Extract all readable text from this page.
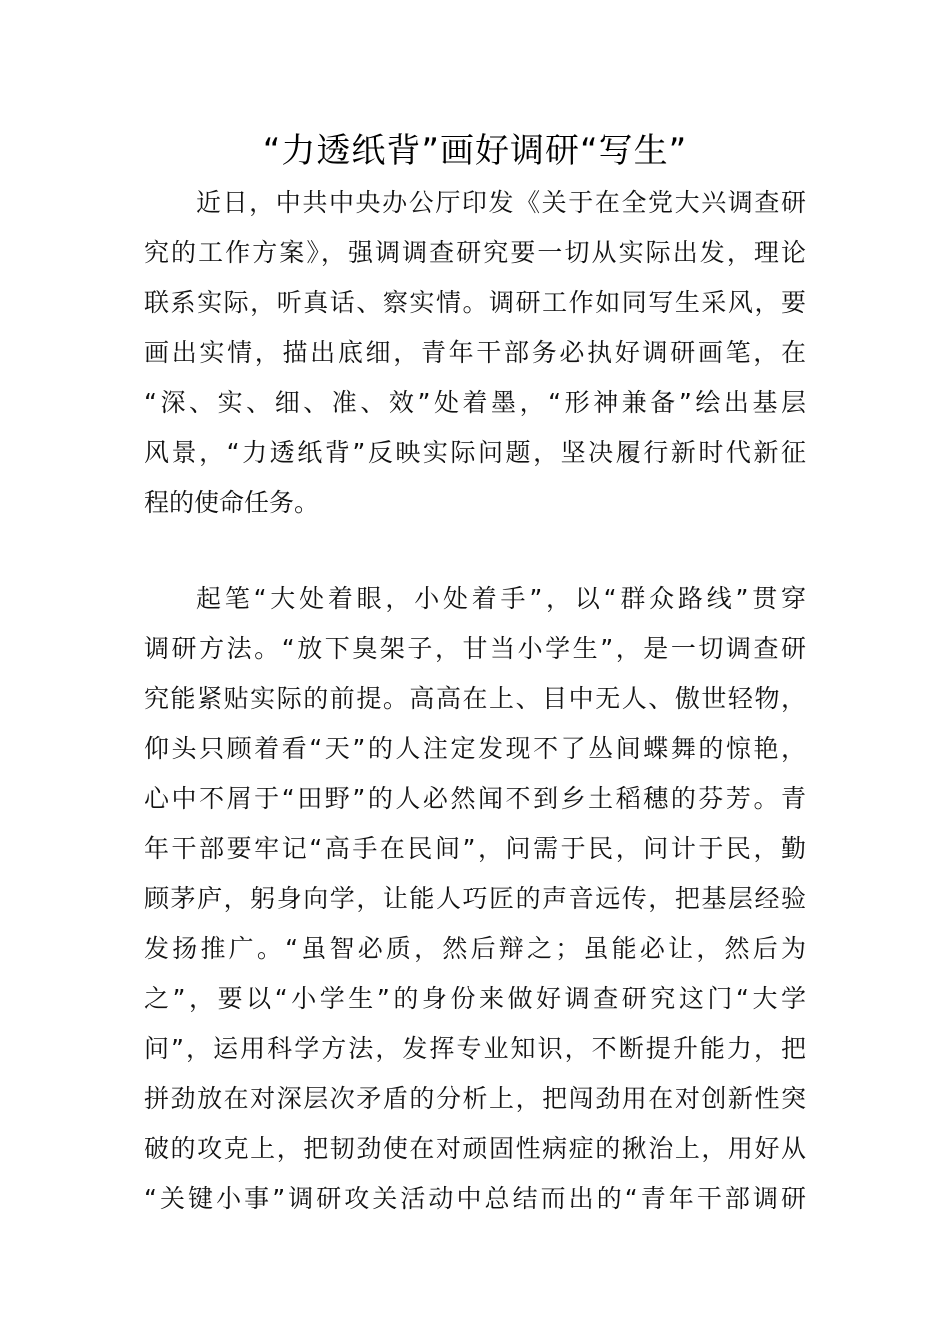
“力透纸背”画好调研“写生”
近日，中共中央办公厅印发《关于在全党大兴调查研
究的工作方案》，强调调查研究要一切从实际出发，理论
联系实际，听真话、察实情。调研工作如同写生采风，要
画出实情，描出底细，青年干部务必执好调研画笔，在
“深、实、细、准、效”处着墨，“形神兼备”绘出基层
风景，“力透纸背”反映实际问题，坚决履行新时代新征
程的使命任务。
起笔“大处着眼，小处着手”，以“群众路线”贯穿
调研方法。“放下臭架子，甘当小学生”，是一切调查研
究能紧贴实际的前提。高高在上、目中无人、傲世轻物，
仰头只顾着看“天”的人注定发现不了丛间蝶舞的惊艳，
心中不屑于“田野”的人必然闻不到乡土稻穗的芬芳。青
年干部要牢记“高手在民间”，问需于民，问计于民，勤
顾茅庐，躬身向学，让能人巧匠的声音远传，把基层经验
发扬推广。“虽智必质，然后辩之；虽能必让，然后为
之”，要以“小学生”的身份来做好调查研究这门“大学
问”，运用科学方法，发挥专业知识，不断提升能力，把
拼劲放在对深层次矛盾的分析上，把闯劲用在对创新性突
破的攻克上，把韧劲使在对顽固性病症的揪治上，用好从
“关键小事”调研攻关活动中总结而出的“青年干部调研
